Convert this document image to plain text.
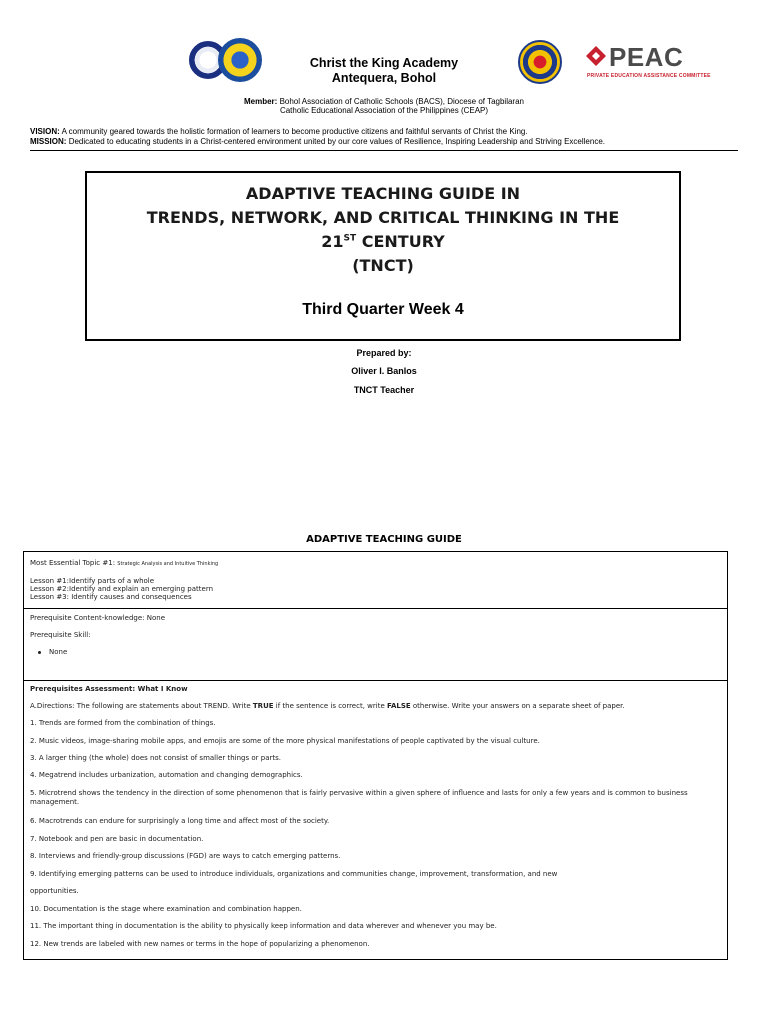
Christ the King Academy
Antequera, Bohol
PEAC
PRIVATE EDUCATION ASSISTANCE COMMITTEE
Member: Bohol Association of Catholic Schools (BACS), Diocese of Tagbilaran
Catholic Educational Association of the Philippines (CEAP)
VISION: A community geared towards the holistic formation of learners to become productive citizens and faithful servants of Christ the King.
MISSION: Dedicated to educating students in a Christ-centered environment united by our core values of Resilience, Inspiring Leadership and Striving Excellence.
ADAPTIVE TEACHING GUIDE IN
TRENDS, NETWORK, AND CRITICAL THINKING IN THE
21ST CENTURY
(TNCT)
Third Quarter Week 4
Prepared by:
Oliver I. Banlos
TNCT Teacher
ADAPTIVE TEACHING GUIDE
Most Essential Topic #1: Strategic Analysis and Intuitive Thinking
Lesson #1:Identify parts of a whole
Lesson #2:Identify and explain an emerging pattern
Lesson #3: Identify causes and consequences
Prerequisite Content-knowledge: None
Prerequisite Skill:
None
Prerequisites Assessment: What I Know
A.Directions: The following are statements about TREND. Write TRUE if the sentence is correct, write FALSE otherwise. Write your answers on a separate sheet of paper.
1. Trends are formed from the combination of things.
2. Music videos, image-sharing mobile apps, and emojis are some of the more physical manifestations of people captivated by the visual culture.
3. A larger thing (the whole) does not consist of smaller things or parts.
4. Megatrend includes urbanization, automation and changing demographics.
5. Microtrend shows the tendency in the direction of some phenomenon that is fairly pervasive within a given sphere of influence and lasts for only a few years and is common to business management.
6. Macrotrends can endure for surprisingly a long time and affect most of the society.
7. Notebook and pen are basic in documentation.
8. Interviews and friendly-group discussions (FGD) are ways to catch emerging patterns.
9. Identifying emerging patterns can be used to introduce individuals, organizations and communities change, improvement, transformation, and new
opportunities.
10. Documentation is the stage where examination and combination happen.
11. The important thing in documentation is the ability to physically keep information and data wherever and whenever you may be.
12. New trends are labeled with new names or terms in the hope of popularizing a phenomenon.
